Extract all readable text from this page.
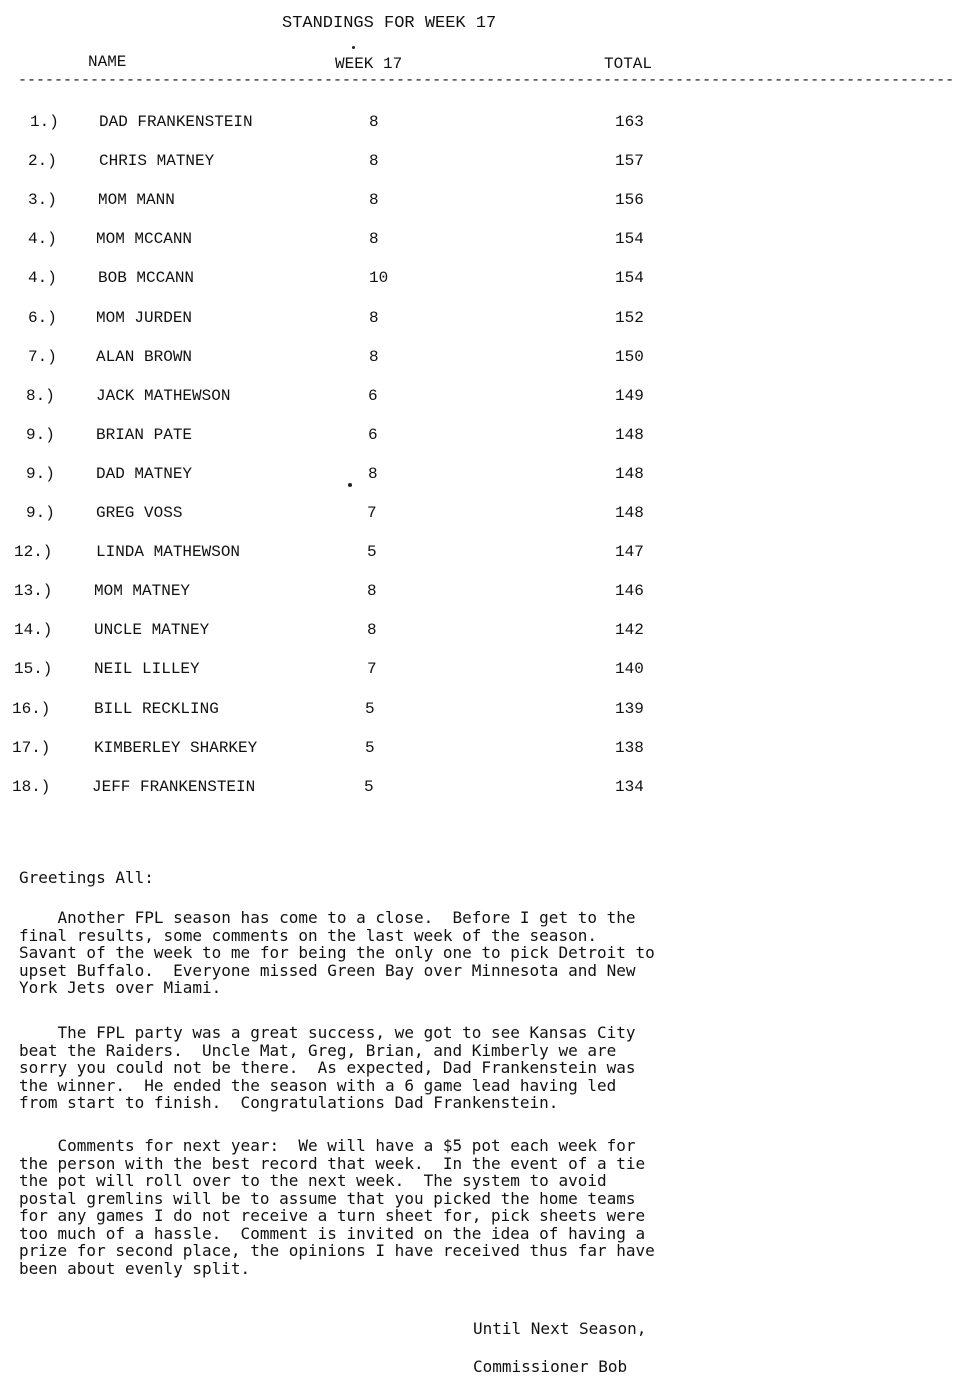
STANDINGS FOR WEEK 17
NAME	WEEK 17	TOTAL
--------------------------------------------------------------------------------------------------------
1.)	DAD FRANKENSTEIN	8	163
2.)	CHRIS MATNEY	8	157
3.)	MOM MANN	8	156
4.) MOM MCCANN	8	154
4.)	BOB MCCANN	10	154
6.) MOM JURDEN	8	152
7.) ALAN BROWN	8	150
8.)	JACK MATHEWSON	6	149
9.)	BRIAN PATE	6	148
9.)	DAD MATNEY	8	148
9.)	GREG VOSS	7	148
12.)	LINDA MATHEWSON	5	147
13.)	MOM MATNEY	8	146
14.)	UNCLE MATNEY	8	142
15.)	NEIL LILLEY	7	140
16.)	BILL RECKLING	5	139
17.)	KIMBERLEY SHARKEY	5	138
18.)	JEFF FRANKENSTEIN	5	134
Greetings All:
Another FPL season has come to a close.  Before I get to the
final results, some comments on the last week of the season.
Savant of the week to me for being the only one to pick Detroit to
upset Buffalo.  Everyone missed Green Bay over Minnesota and New
York Jets over Miami.
The FPL party was a great success, we got to see Kansas City
beat the Raiders.  Uncle Mat, Greg, Brian, and Kimberly we are
sorry you could not be there.  As expected, Dad Frankenstein was
the winner.  He ended the season with a 6 game lead having led
from start to finish.  Congratulations Dad Frankenstein.
Comments for next year:  We will have a $5 pot each week for
the person with the best record that week.  In the event of a tie
the pot will roll over to the next week.  The system to avoid
postal gremlins will be to assume that you picked the home teams
for any games I do not receive a turn sheet for, pick sheets were
too much of a hassle.  Comment is invited on the idea of having a
prize for second place, the opinions I have received thus far have
been about evenly split.
Until Next Season,
Commissioner Bob
